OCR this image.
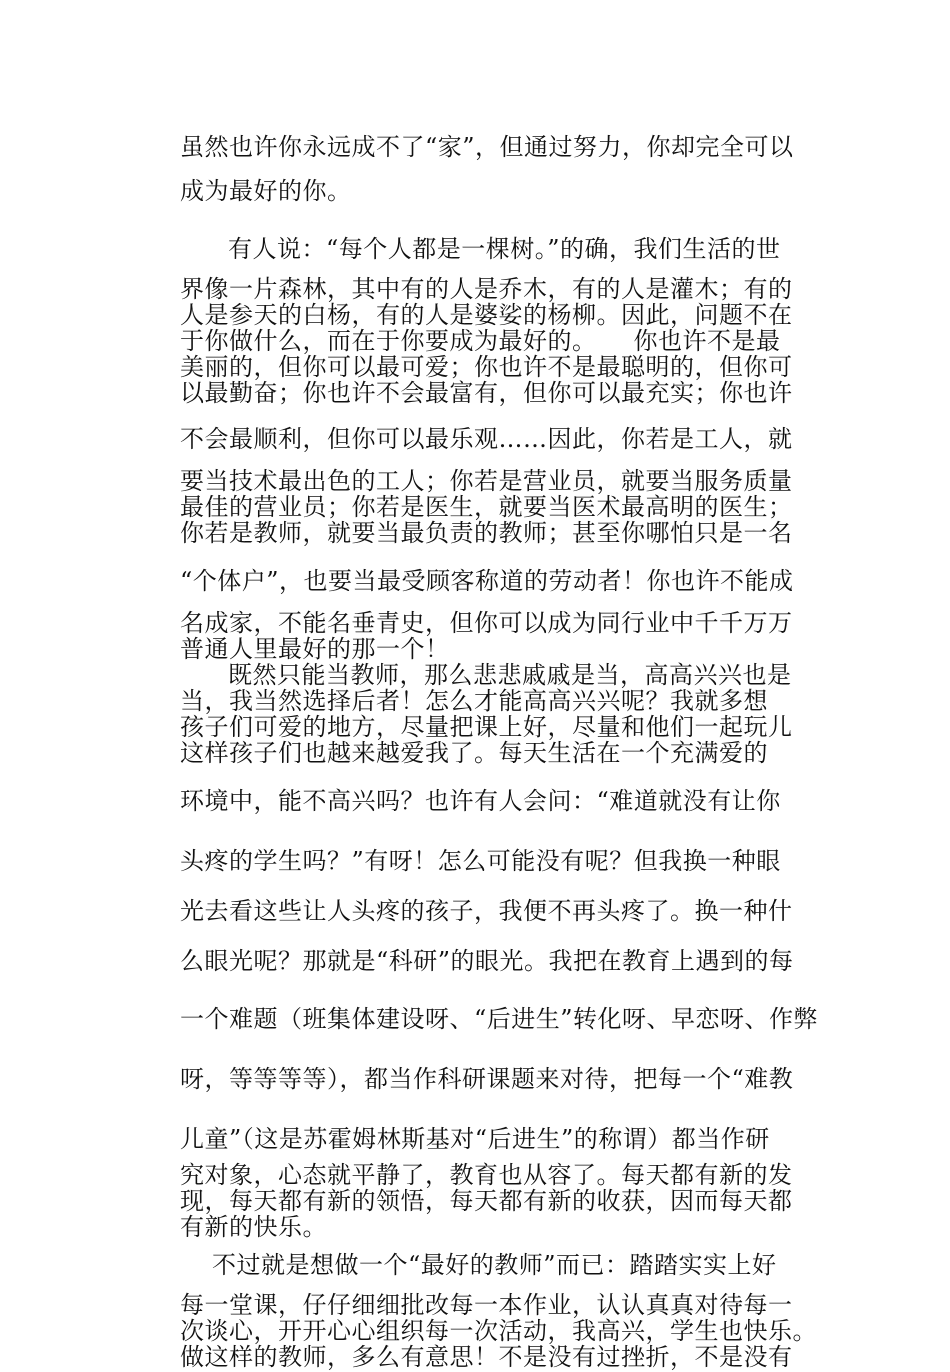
虽然也许你永远成不了“家”，但通过努力，你却完全可以
成为最好的你。
有人说：“每个人都是一棵树。”的确，我们生活的世
界像一片森林，其中有的人是乔木，有的人是灌木；有的
人是参天的白杨，有的人是婆娑的杨柳。因此，问题不在
于你做什么，而在于你要成为最好的。　　你也许不是最
美丽的，但你可以最可爱；你也许不是最聪明的，但你可
以最勤奋；你也许不会最富有，但你可以最充实；你也许
不会最顺利，但你可以最乐观……因此，你若是工人，就
要当技术最出色的工人；你若是营业员，就要当服务质量
最佳的营业员；你若是医生，就要当医术最高明的医生；
你若是教师，就要当最负责的教师；甚至你哪怕只是一名
“个体户”，也要当最受顾客称道的劳动者！你也许不能成
名成家，不能名垂青史，但你可以成为同行业中千千万万
普通人里最好的那一个！
既然只能当教师，那么悲悲戚戚是当，高高兴兴也是
当，我当然选择后者！怎么才能高高兴兴呢？我就多想
孩子们可爱的地方，尽量把课上好，尽量和他们一起玩儿
这样孩子们也越来越爱我了。每天生活在一个充满爱的
环境中，能不高兴吗？也许有人会问：“难道就没有让你
头疼的学生吗？”有呀！怎么可能没有呢？但我换一种眼
光去看这些让人头疼的孩子，我便不再头疼了。换一种什
么眼光呢？那就是“科研”的眼光。我把在教育上遇到的每
一个难题（班集体建设呀、“后进生”转化呀、早恋呀、作弊
呀，等等等等），都当作科研课题来对待，把每一个“难教
儿童”（这是苏霍姆林斯基对“后进生”的称谓）都当作研
究对象，心态就平静了，教育也从容了。每天都有新的发
现，每天都有新的领悟，每天都有新的收获，因而每天都
有新的快乐。
不过就是想做一个“最好的教师”而已：踏踏实实上好
每一堂课，仔仔细细批改每一本作业，认认真真对待每一
次谈心，开开心心组织每一次活动，我高兴，学生也快乐。
做这样的教师，多么有意思！不是没有过挫折，不是没有
